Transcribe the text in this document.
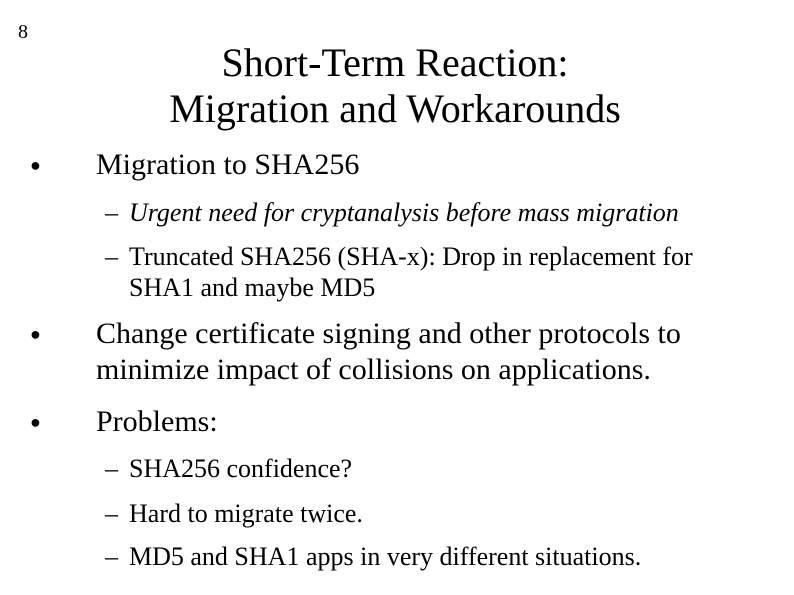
8
Short-Term Reaction:
Migration and Workarounds
● Migration to SHA256
– Urgent need for cryptanalysis before mass migration
– Truncated SHA256 (SHA-x): Drop in replacement for SHA1 and maybe MD5
● Change certificate signing and other protocols to minimize impact of collisions on applications.
● Problems:
– SHA256 confidence?
– Hard to migrate twice.
– MD5 and SHA1 apps in very different situations.
